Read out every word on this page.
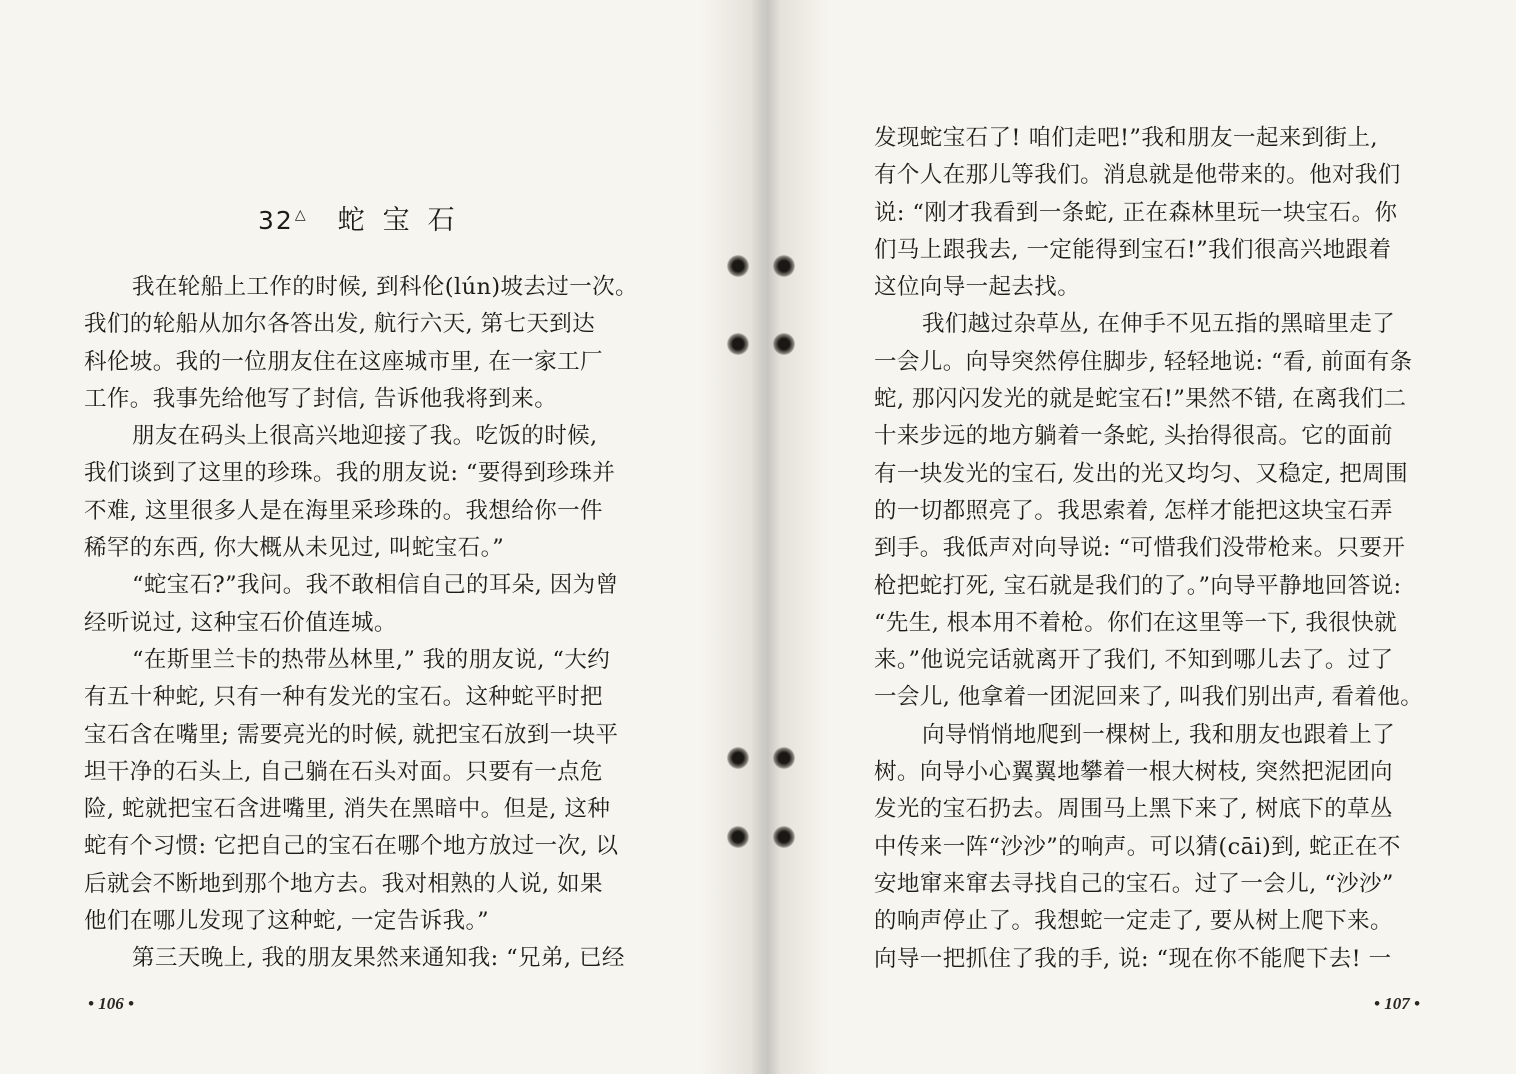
32△ 蛇宝石
我在轮船上工作的时候, 到科伦(lún)坡去过一次。
我们的轮船从加尔各答出发, 航行六天, 第七天到达
科伦坡。我的一位朋友住在这座城市里, 在一家工厂
工作。我事先给他写了封信, 告诉他我将到来。
朋友在码头上很高兴地迎接了我。吃饭的时候,
我们谈到了这里的珍珠。我的朋友说: “要得到珍珠并
不难, 这里很多人是在海里采珍珠的。我想给你一件
稀罕的东西, 你大概从未见过, 叫蛇宝石。”
“蛇宝石?”我问。我不敢相信自己的耳朵, 因为曾
经听说过, 这种宝石价值连城。
“在斯里兰卡的热带丛林里,” 我的朋友说, “大约
有五十种蛇, 只有一种有发光的宝石。这种蛇平时把
宝石含在嘴里; 需要亮光的时候, 就把宝石放到一块平
坦干净的石头上, 自己躺在石头对面。只要有一点危
险, 蛇就把宝石含进嘴里, 消失在黑暗中。但是, 这种
蛇有个习惯: 它把自己的宝石在哪个地方放过一次, 以
后就会不断地到那个地方去。我对相熟的人说, 如果
他们在哪儿发现了这种蛇, 一定告诉我。”
第三天晚上, 我的朋友果然来通知我: “兄弟, 已经
发现蛇宝石了! 咱们走吧!”我和朋友一起来到街上,
有个人在那儿等我们。消息就是他带来的。他对我们
说: “刚才我看到一条蛇, 正在森林里玩一块宝石。你
们马上跟我去, 一定能得到宝石!”我们很高兴地跟着
这位向导一起去找。
我们越过杂草丛, 在伸手不见五指的黑暗里走了
一会儿。向导突然停住脚步, 轻轻地说: “看, 前面有条
蛇, 那闪闪发光的就是蛇宝石!”果然不错, 在离我们二
十来步远的地方躺着一条蛇, 头抬得很高。它的面前
有一块发光的宝石, 发出的光又均匀、又稳定, 把周围
的一切都照亮了。我思索着, 怎样才能把这块宝石弄
到手。我低声对向导说: “可惜我们没带枪来。只要开
枪把蛇打死, 宝石就是我们的了。”向导平静地回答说:
“先生, 根本用不着枪。你们在这里等一下, 我很快就
来。”他说完话就离开了我们, 不知到哪儿去了。过了
一会儿, 他拿着一团泥回来了, 叫我们别出声, 看着他。
向导悄悄地爬到一棵树上, 我和朋友也跟着上了
树。向导小心翼翼地攀着一根大树枝, 突然把泥团向
发光的宝石扔去。周围马上黑下来了, 树底下的草丛
中传来一阵“沙沙”的响声。可以猜(cāi)到, 蛇正在不
安地窜来窜去寻找自己的宝石。过了一会儿, “沙沙”
的响声停止了。我想蛇一定走了, 要从树上爬下来。
向导一把抓住了我的手, 说: “现在你不能爬下去! 一
• 106 •	• 107 •
